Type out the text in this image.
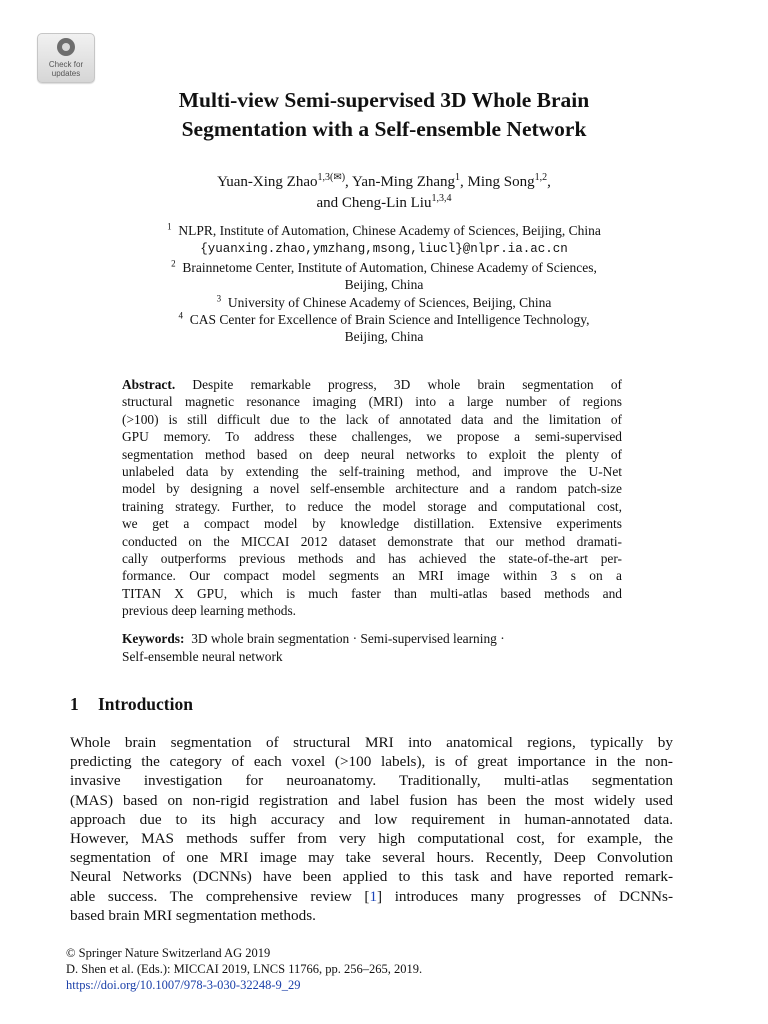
Check for
updates
Multi-view Semi-supervised 3D Whole Brain
Segmentation with a Self-ensemble Network
Yuan-Xing Zhao$^{1,3(✉)}$, Yan-Ming Zhang$^1$, Ming Song$^{1,2}$,
and Cheng-Lin Liu$^{1,3,4}$
$^1$ NLPR, Institute of Automation, Chinese Academy of Sciences, Beijing, China
{yuanxing.zhao,ymzhang,msong,liucl}@nlpr.ia.ac.cn
$^2$ Brainnetome Center, Institute of Automation, Chinese Academy of Sciences,
Beijing, China
$^3$ University of Chinese Academy of Sciences, Beijing, China
$^4$ CAS Center for Excellence of Brain Science and Intelligence Technology,
Beijing, China
Abstract. Despite remarkable progress, 3D whole brain segmentation of
structural magnetic resonance imaging (MRI) into a large number of regions
(>100) is still difficult due to the lack of annotated data and the limitation of
GPU memory. To address these challenges, we propose a semi-supervised
segmentation method based on deep neural networks to exploit the plenty of
unlabeled data by extending the self-training method, and improve the U-Net
model by designing a novel self-ensemble architecture and a random patch-size
training strategy. Further, to reduce the model storage and computational cost,
we get a compact model by knowledge distillation. Extensive experiments
conducted on the MICCAI 2012 dataset demonstrate that our method dramati-
cally outperforms previous methods and has achieved the state-of-the-art per-
formance. Our compact model segments an MRI image within 3 s on a
TITAN X GPU, which is much faster than multi-atlas based methods and
previous deep learning methods.
Keywords: 3D whole brain segmentation · Semi-supervised learning ·
Self-ensemble neural network
1 Introduction
Whole brain segmentation of structural MRI into anatomical regions, typically by
predicting the category of each voxel (>100 labels), is of great importance in the non-
invasive investigation for neuroanatomy. Traditionally, multi-atlas segmentation
(MAS) based on non-rigid registration and label fusion has been the most widely used
approach due to its high accuracy and low requirement in human-annotated data.
However, MAS methods suffer from very high computational cost, for example, the
segmentation of one MRI image may take several hours. Recently, Deep Convolution
Neural Networks (DCNNs) have been applied to this task and have reported remark-
able success. The comprehensive review [1] introduces many progresses of DCNNs-
based brain MRI segmentation methods.
© Springer Nature Switzerland AG 2019
D. Shen et al. (Eds.): MICCAI 2019, LNCS 11766, pp. 256–265, 2019.
https://doi.org/10.1007/978-3-030-32248-9_29
